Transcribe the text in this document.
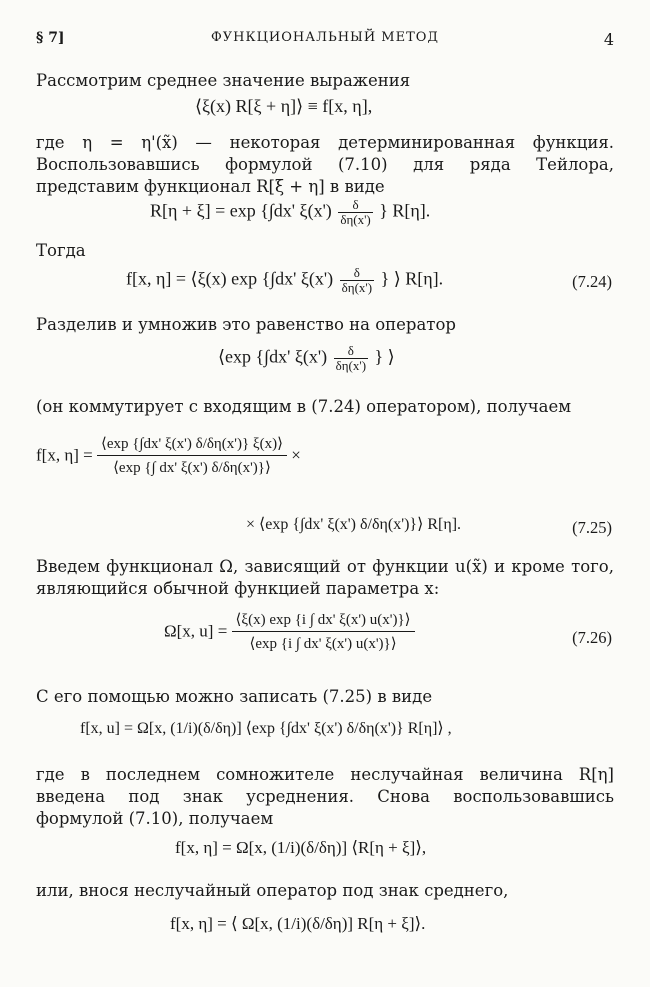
§ 7]	ФУНКЦИОНАЛЬНЫЙ МЕТОД	4
Рассмотрим среднее значение выражения
⟨ξ(x) R[ξ + η]⟩ ≡ f[x, η],
где η = η'(x̃) — некоторая детерминированная функция. Воспользовавшись формулой (7.10) для ряда Тейлора, представим функционал R[ξ + η] в виде
R[η + ξ] = exp {∫dx' $\xi(x') \frac{\delta}{\delta\eta(x')}$ } R[η].
Тогда
f[x, η] = ⟨ξ(x) exp {∫dx' $\xi(x') \frac{\delta}{\delta\eta(x')}$ } ⟩ R[η].	(7.24)
Разделив и умножив это равенство на оператор
⟨exp {∫dx' $\xi(x') \frac{\delta}{\delta\eta(x')}$ } ⟩
(он коммутирует с входящим в (7.24) оператором), получаем
f[x, $\eta] = \frac{⟨\exp \{\int dx' \xi(x') \delta/\delta\eta(x')\} \xi(x)⟩}{⟨\exp \{\int dx' \xi(x') \delta/\delta\eta(x')\}⟩}$ ×
× ⟨exp {∫dx' ξ(x') δ/δη(x')}⟩ R[η].	(7.25)
Введем функционал Ω, зависящий от функции u(x̃) и кроме того, являющийся обычной функцией параметра x:
Ω[x, $u] = \frac{⟨\xi(x) \exp \{i \int dx' \xi(x') u(x')\}⟩}{⟨\exp \{i \int dx' \xi(x') u(x')\}⟩}$	(7.26)
С его помощью можно записать (7.25) в виде
f[x, u] = Ω[x, (1/i)(δ/δη)] ⟨exp {∫dx' ξ(x') δ/δη(x')} R[η]⟩ ,
где в последнем сомножителе неслучайная величина R[η] введена под знак усреднения. Снова воспользовавшись формулой (7.10), получаем
f[x, η] = Ω[x, (1/i)(δ/δη)] ⟨R[η + ξ]⟩,
или, внося неслучайный оператор под знак среднего,
f[x, η] = ⟨ Ω[x, (1/i)(δ/δη)] R[η + ξ]⟩.
